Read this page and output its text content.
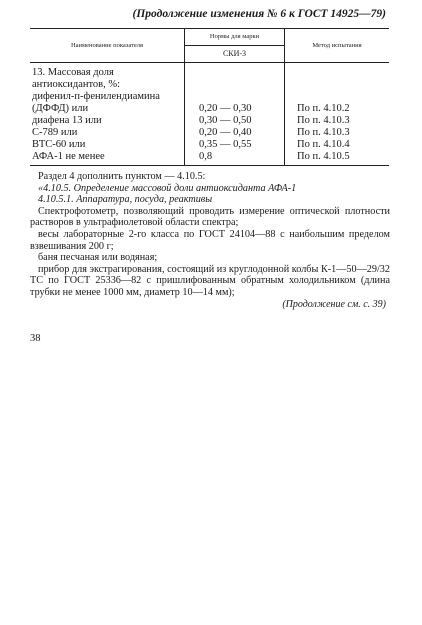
(Продолжение изменения № 6 к ГОСТ 14925—79)
Наименование показателя	Нормы для марки	Метод испытания
	СКИ-3	
13. Массовая доля антиоксидантов, %:		
дифенил-п-фенилендиамина (ДФФД) или	0,20 — 0,30	По п. 4.10.2
диафена 13 или	0,30 — 0,50	По п. 4.10.3
С-789 или	0,20 — 0,40	По п. 4.10.3
ВТС-60 или	0,35 — 0,55	По п. 4.10.4
АФА-1 не менее	0,8	По п. 4.10.5

Раздел 4 дополнить пунктом — 4.10.5:

«4.10.5. Определение массовой доли антиоксиданта АФА-1

4.10.5.1. Аппаратура, посуда, реактивы

Спектрофотометр, позволяющий проводить измерение оптической плотности растворов в ультрафиолетовой области спектра;

весы лабораторные 2-го класса по ГОСТ 24104—88 с наибольшим пределом взвешивания 200 г;

баня песчаная или водяная;

прибор для экстрагирования, состоящий из круглодонной колбы К-1—50—29/32 ТС по ГОСТ 25336—82 с пришлифованным обратным холодильником (длина трубки не менее 1000 мм, диаметр 10—14 мм);

(Продолжение см. с. 39)
38
